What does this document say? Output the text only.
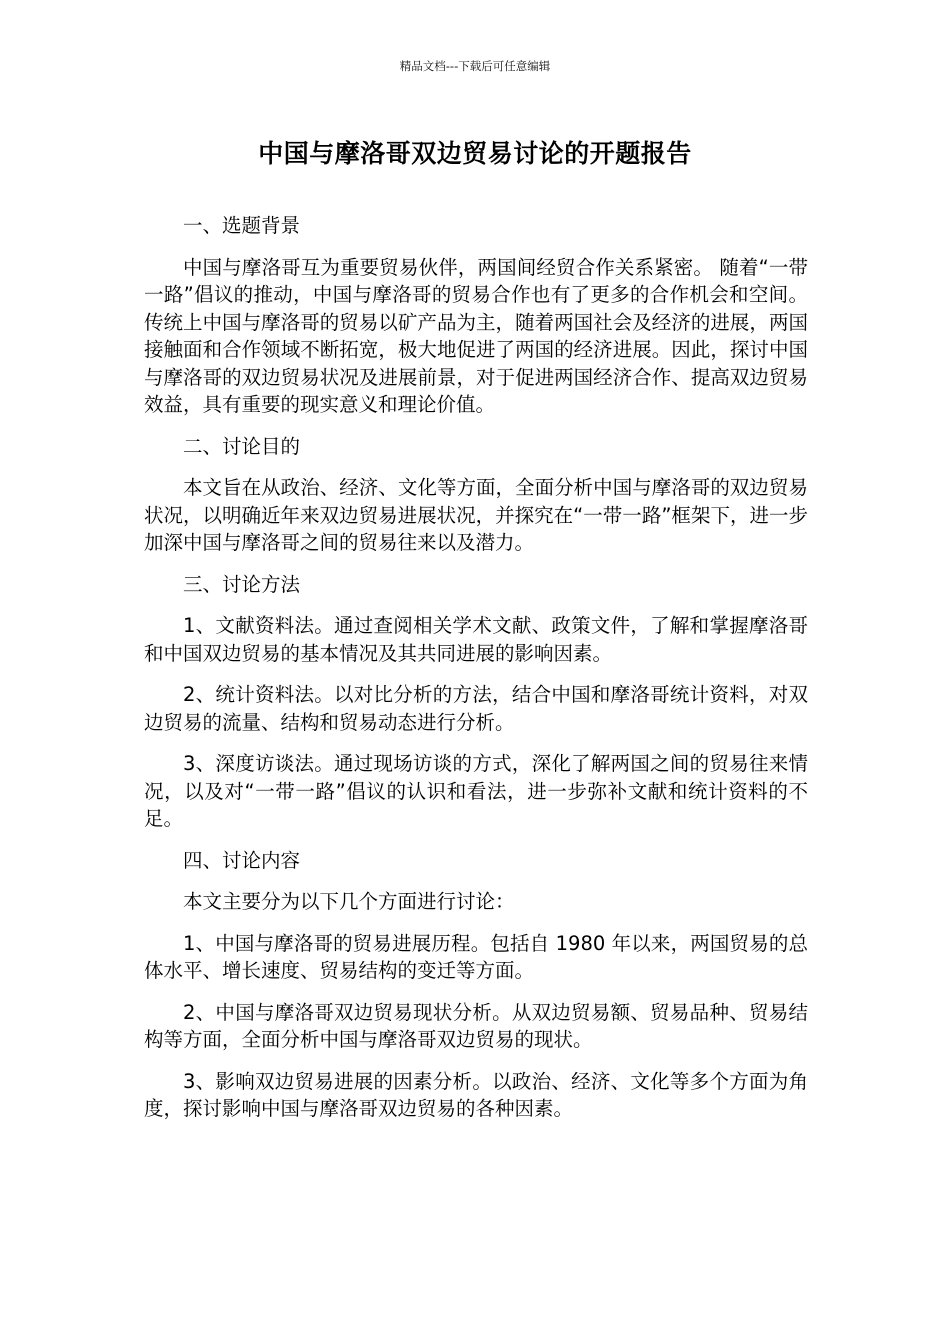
精品文档---下载后可任意编辑
中国与摩洛哥双边贸易讨论的开题报告

一、选题背景

中国与摩洛哥互为重要贸易伙伴，两国间经贸合作关系紧密。 随着“一带一路”倡议的推动，中国与摩洛哥的贸易合作也有了更多的合作机会和空间。传统上中国与摩洛哥的贸易以矿产品为主，随着两国社会及经济的进展，两国接触面和合作领域不断拓宽，极大地促进了两国的经济进展。因此，探讨中国与摩洛哥的双边贸易状况及进展前景，对于促进两国经济合作、提高双边贸易效益，具有重要的现实意义和理论价值。

二、讨论目的

本文旨在从政治、经济、文化等方面，全面分析中国与摩洛哥的双边贸易状况，以明确近年来双边贸易进展状况，并探究在“一带一路”框架下，进一步加深中国与摩洛哥之间的贸易往来以及潜力。

三、讨论方法

1、文献资料法。通过查阅相关学术文献、政策文件，了解和掌握摩洛哥和中国双边贸易的基本情况及其共同进展的影响因素。

2、统计资料法。以对比分析的方法，结合中国和摩洛哥统计资料，对双边贸易的流量、结构和贸易动态进行分析。

3、深度访谈法。通过现场访谈的方式，深化了解两国之间的贸易往来情况，以及对“一带一路”倡议的认识和看法，进一步弥补文献和统计资料的不足。

四、讨论内容

本文主要分为以下几个方面进行讨论：

1、中国与摩洛哥的贸易进展历程。包括自 1980 年以来，两国贸易的总体水平、增长速度、贸易结构的变迁等方面。

2、中国与摩洛哥双边贸易现状分析。从双边贸易额、贸易品种、贸易结构等方面，全面分析中国与摩洛哥双边贸易的现状。

3、影响双边贸易进展的因素分析。以政治、经济、文化等多个方面为角度，探讨影响中国与摩洛哥双边贸易的各种因素。
